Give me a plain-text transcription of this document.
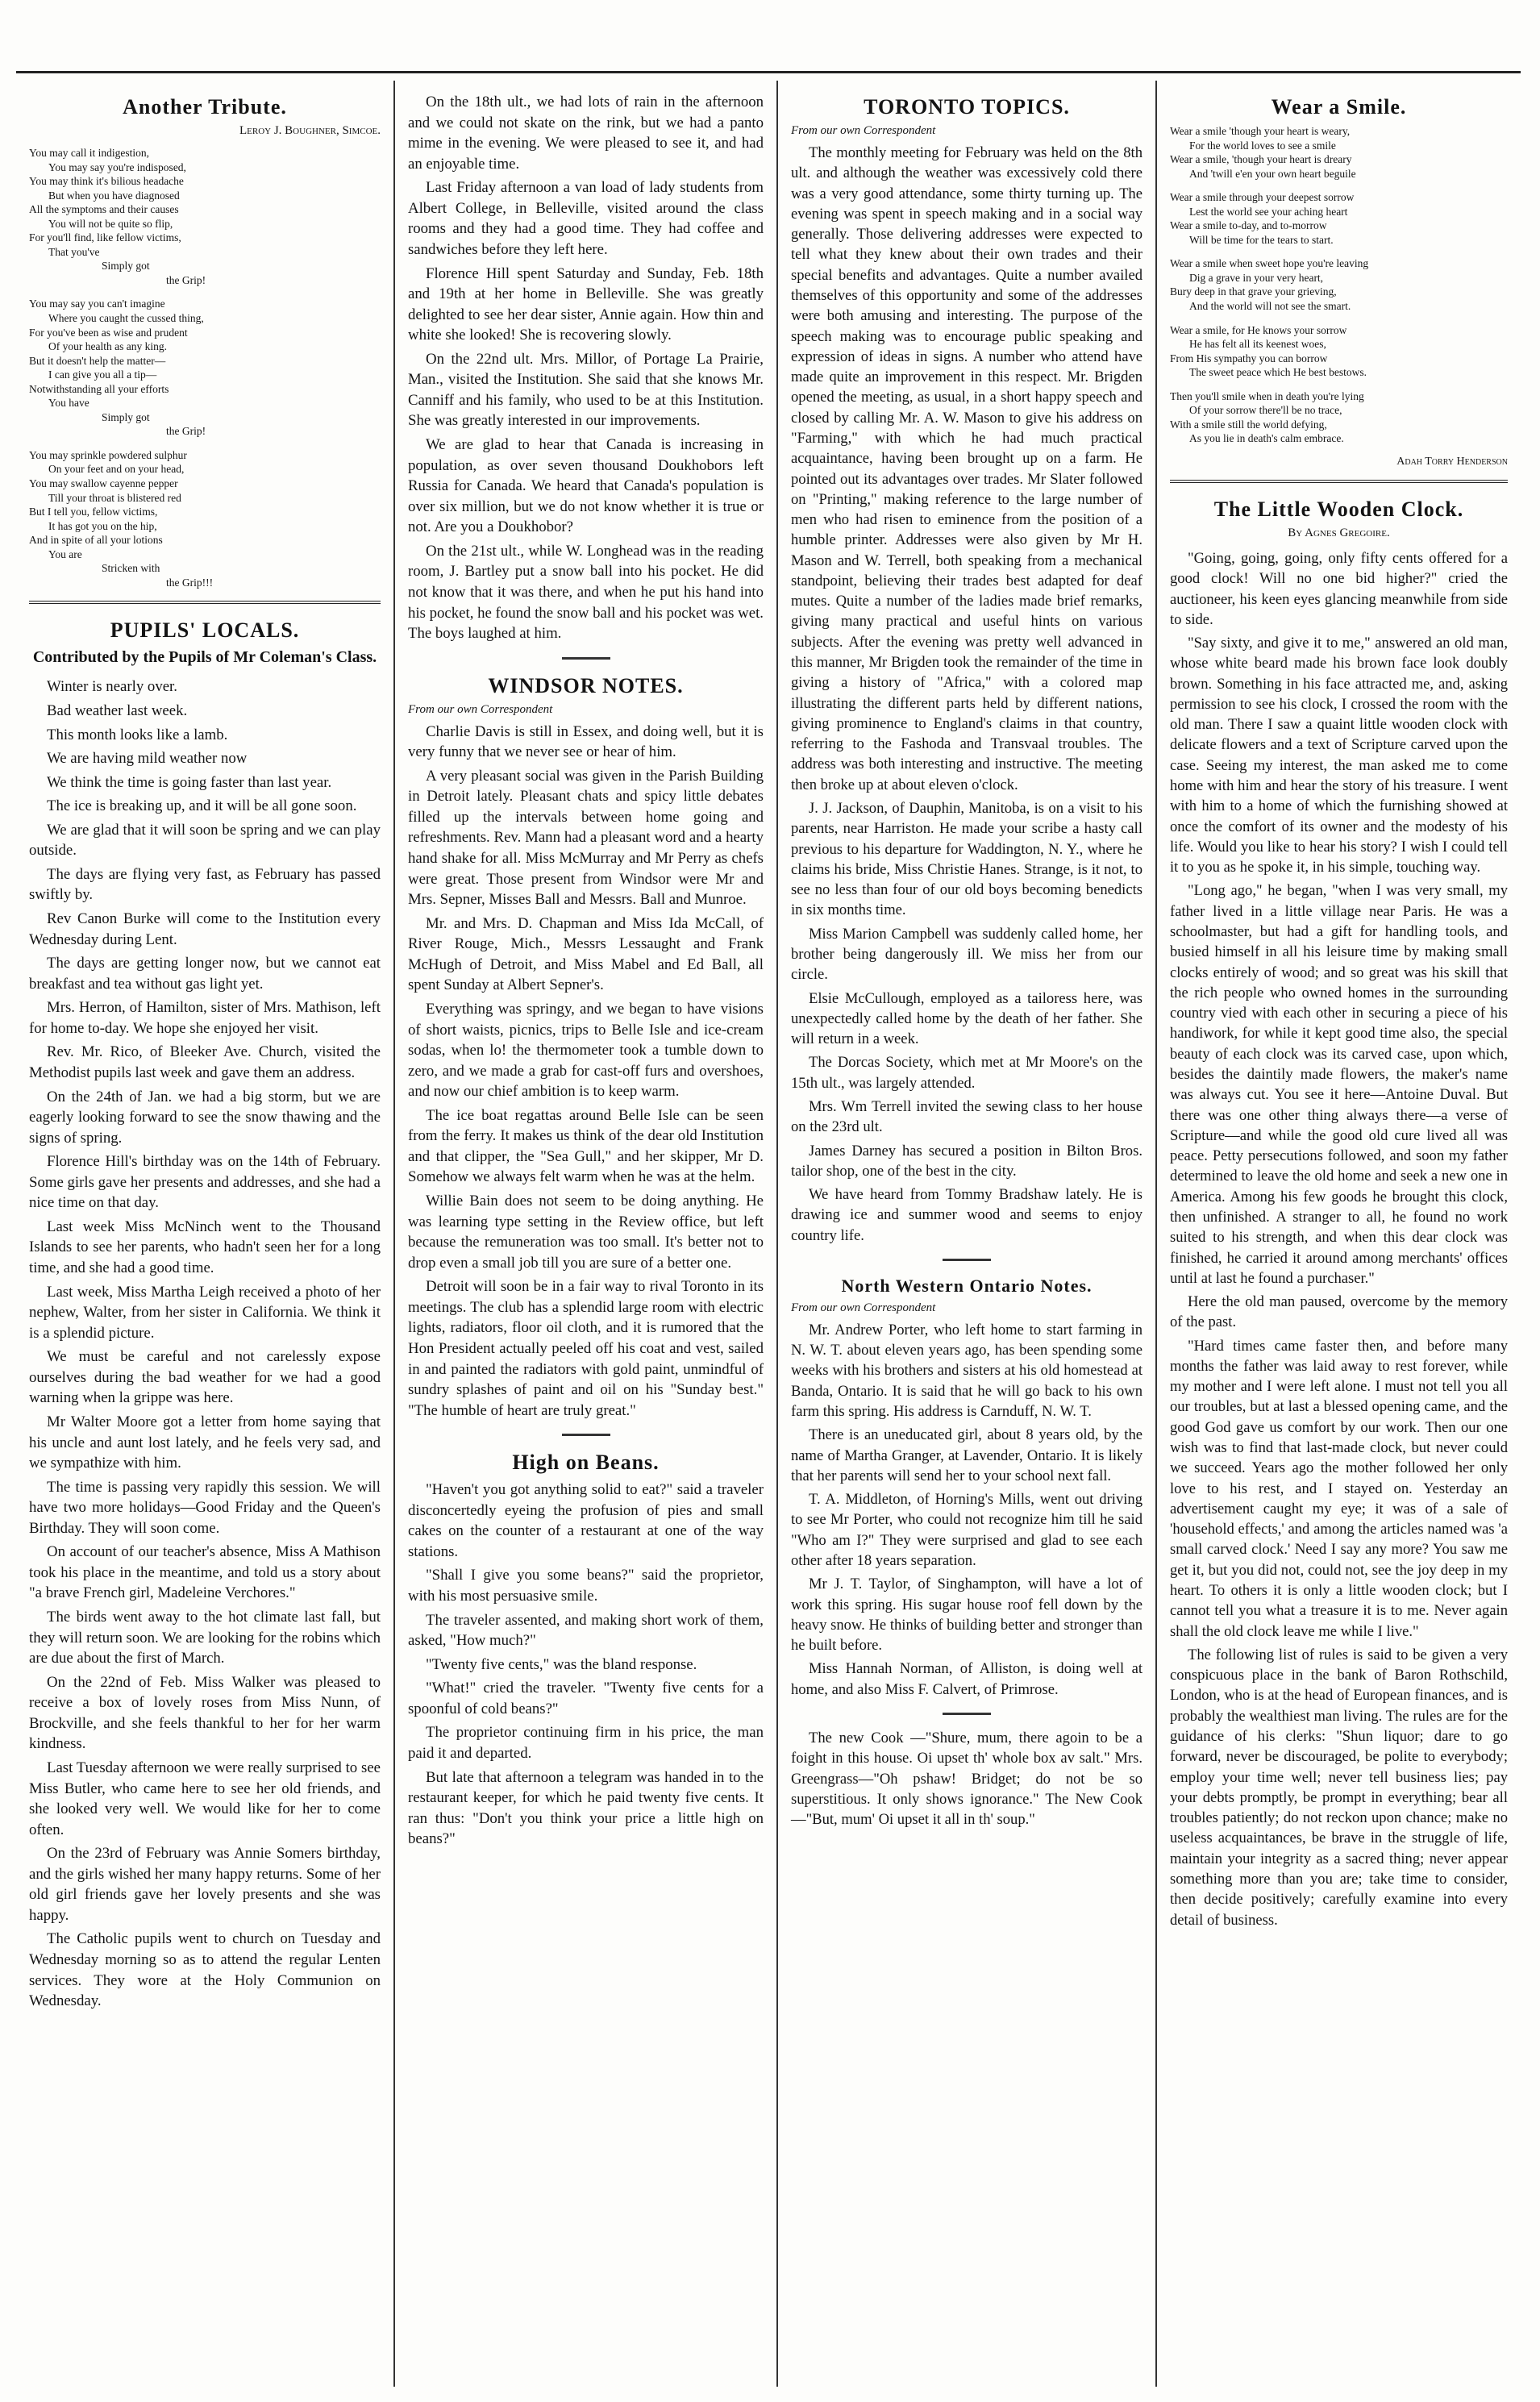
Another Tribute.
Leroy J. Boughner, Simcoe.
You may call it indigestion,
You may say you're indisposed,
You may think it's bilious headache
But when you have diagnosed
All the symptoms and their causes
You will not be quite so flip,
For you'll find, like fellow victims,
That you've
Simply got
the Grip!
You may say you can't imagine
Where you caught the cussed thing,
For you've been as wise and prudent
Of your health as any king.
But it doesn't help the matter—
I can give you all a tip—
Notwithstanding all your efforts
You have
Simply got
the Grip!
You may sprinkle powdered sulphur
On your feet and on your head,
You may swallow cayenne pepper
Till your throat is blistered red
But I tell you, fellow victims,
It has got you on the hip,
And in spite of all your lotions
You are
Stricken with
the Grip!!!
PUPILS' LOCALS.
Contributed by the Pupils of Mr Coleman's Class.

Winter is nearly over.

Bad weather last week.

This month looks like a lamb.

We are having mild weather now

We think the time is going faster than last year.

The ice is breaking up, and it will be all gone soon.

We are glad that it will soon be spring and we can play outside.

The days are flying very fast, as February has passed swiftly by.

Rev Canon Burke will come to the Institution every Wednesday during Lent.

The days are getting longer now, but we cannot eat breakfast and tea without gas light yet.

Mrs. Herron, of Hamilton, sister of Mrs. Mathison, left for home to-day. We hope she enjoyed her visit.

Rev. Mr. Rico, of Bleeker Ave. Church, visited the Methodist pupils last week and gave them an address.

On the 24th of Jan. we had a big storm, but we are eagerly looking forward to see the snow thawing and the signs of spring.

Florence Hill's birthday was on the 14th of February. Some girls gave her presents and addresses, and she had a nice time on that day.

Last week Miss McNinch went to the Thousand Islands to see her parents, who hadn't seen her for a long time, and she had a good time.

Last week, Miss Martha Leigh received a photo of her nephew, Walter, from her sister in California. We think it is a splendid picture.

We must be careful and not carelessly expose ourselves during the bad weather for we had a good warning when la grippe was here.

Mr Walter Moore got a letter from home saying that his uncle and aunt lost lately, and he feels very sad, and we sympathize with him.

The time is passing very rapidly this session. We will have two more holidays—Good Friday and the Queen's Birthday. They will soon come.

On account of our teacher's absence, Miss A Mathison took his place in the meantime, and told us a story about "a brave French girl, Madeleine Verchores."

The birds went away to the hot climate last fall, but they will return soon. We are looking for the robins which are due about the first of March.

On the 22nd of Feb. Miss Walker was pleased to receive a box of lovely roses from Miss Nunn, of Brockville, and she feels thankful to her for her warm kindness.

Last Tuesday afternoon we were really surprised to see Miss Butler, who came here to see her old friends, and she looked very well. We would like for her to come often.

On the 23rd of February was Annie Somers birthday, and the girls wished her many happy returns. Some of her old girl friends gave her lovely presents and she was happy.

The Catholic pupils went to church on Tuesday and Wednesday morning so as to attend the regular Lenten services. They wore at the Holy Communion on Wednesday.

On the 18th ult., we had lots of rain in the afternoon and we could not skate on the rink, but we had a panto mime in the evening. We were pleased to see it, and had an enjoyable time.

Last Friday afternoon a van load of lady students from Albert College, in Belleville, visited around the class rooms and they had a good time. They had coffee and sandwiches before they left here.

Florence Hill spent Saturday and Sunday, Feb. 18th and 19th at her home in Belleville. She was greatly delighted to see her dear sister, Annie again. How thin and white she looked! She is recovering slowly.

On the 22nd ult. Mrs. Millor, of Portage La Prairie, Man., visited the Institution. She said that she knows Mr. Canniff and his family, who used to be at this Institution. She was greatly interested in our improvements.

We are glad to hear that Canada is increasing in population, as over seven thousand Doukhobors left Russia for Canada. We heard that Canada's population is over six million, but we do not know whether it is true or not. Are you a Doukhobor?

On the 21st ult., while W. Longhead was in the reading room, J. Bartley put a snow ball into his pocket. He did not know that it was there, and when he put his hand into his pocket, he found the snow ball and his pocket was wet. The boys laughed at him.

WINDSOR NOTES.
From our own Correspondent

Charlie Davis is still in Essex, and doing well, but it is very funny that we never see or hear of him.

A very pleasant social was given in the Parish Building in Detroit lately. Pleasant chats and spicy little debates filled up the intervals between home going and refreshments. Rev. Mann had a pleasant word and a hearty hand shake for all. Miss McMurray and Mr Perry as chefs were great. Those present from Windsor were Mr and Mrs. Sepner, Misses Ball and Messrs. Ball and Munroe.

Mr. and Mrs. D. Chapman and Miss Ida McCall, of River Rouge, Mich., Messrs Lessaught and Frank McHugh of Detroit, and Miss Mabel and Ed Ball, all spent Sunday at Albert Sepner's.

Everything was springy, and we began to have visions of short waists, picnics, trips to Belle Isle and ice-cream sodas, when lo! the thermometer took a tumble down to zero, and we made a grab for cast-off furs and overshoes, and now our chief ambition is to keep warm.

The ice boat regattas around Belle Isle can be seen from the ferry. It makes us think of the dear old Institution and that clipper, the "Sea Gull," and her skipper, Mr D. Somehow we always felt warm when he was at the helm.

Willie Bain does not seem to be doing anything. He was learning type setting in the Review office, but left because the remuneration was too small. It's better not to drop even a small job till you are sure of a better one.

Detroit will soon be in a fair way to rival Toronto in its meetings. The club has a splendid large room with electric lights, radiators, floor oil cloth, and it is rumored that the Hon President actually peeled off his coat and vest, sailed in and painted the radiators with gold paint, unmindful of sundry splashes of paint and oil on his "Sunday best." "The humble of heart are truly great."

High on Beans.

"Haven't you got anything solid to eat?" said a traveler disconcertedly eyeing the profusion of pies and small cakes on the counter of a restaurant at one of the way stations.

"Shall I give you some beans?" said the proprietor, with his most persuasive smile.

The traveler assented, and making short work of them, asked, "How much?"

"Twenty five cents," was the bland response.

"What!" cried the traveler. "Twenty five cents for a spoonful of cold beans?"

The proprietor continuing firm in his price, the man paid it and departed.

But late that afternoon a telegram was handed in to the restaurant keeper, for which he paid twenty five cents. It ran thus: "Don't you think your price a little high on beans?"

TORONTO TOPICS.
From our own Correspondent

The monthly meeting for February was held on the 8th ult. and although the weather was excessively cold there was a very good attendance, some thirty turning up. The evening was spent in speech making and in a social way generally. Those delivering addresses were expected to tell what they knew about their own trades and their special benefits and advantages. Quite a number availed themselves of this opportunity and some of the addresses were both amusing and interesting. The purpose of the speech making was to encourage public speaking and expression of ideas in signs. A number who attend have made quite an improvement in this respect. Mr. Brigden opened the meeting, as usual, in a short happy speech and closed by calling Mr. A. W. Mason to give his address on "Farming," with which he had much practical acquaintance, having been brought up on a farm. He pointed out its advantages over trades. Mr Slater followed on "Printing," making reference to the large number of men who had risen to eminence from the position of a humble printer. Addresses were also given by Mr H. Mason and W. Terrell, both speaking from a mechanical standpoint, believing their trades best adapted for deaf mutes. Quite a number of the ladies made brief remarks, giving many practical and useful hints on various subjects. After the evening was pretty well advanced in this manner, Mr Brigden took the remainder of the time in giving a history of "Africa," with a colored map illustrating the different parts held by different nations, giving prominence to England's claims in that country, referring to the Fashoda and Transvaal troubles. The address was both interesting and instructive. The meeting then broke up at about eleven o'clock.

J. J. Jackson, of Dauphin, Manitoba, is on a visit to his parents, near Harriston. He made your scribe a hasty call previous to his departure for Waddington, N. Y., where he claims his bride, Miss Christie Hanes. Strange, is it not, to see no less than four of our old boys becoming benedicts in six months time.

Miss Marion Campbell was suddenly called home, her brother being dangerously ill. We miss her from our circle.

Elsie McCullough, employed as a tailoress here, was unexpectedly called home by the death of her father. She will return in a week.

The Dorcas Society, which met at Mr Moore's on the 15th ult., was largely attended.

Mrs. Wm Terrell invited the sewing class to her house on the 23rd ult.

James Darney has secured a position in Bilton Bros. tailor shop, one of the best in the city.

We have heard from Tommy Bradshaw lately. He is drawing ice and summer wood and seems to enjoy country life.

North Western Ontario Notes.
From our own Correspondent

Mr. Andrew Porter, who left home to start farming in N. W. T. about eleven years ago, has been spending some weeks with his brothers and sisters at his old homestead at Banda, Ontario. It is said that he will go back to his own farm this spring. His address is Carnduff, N. W. T.

There is an uneducated girl, about 8 years old, by the name of Martha Granger, at Lavender, Ontario. It is likely that her parents will send her to your school next fall.

T. A. Middleton, of Horning's Mills, went out driving to see Mr Porter, who could not recognize him till he said "Who am I?" They were surprised and glad to see each other after 18 years separation.

Mr J. T. Taylor, of Singhampton, will have a lot of work this spring. His sugar house roof fell down by the heavy snow. He thinks of building better and stronger than he built before.

Miss Hannah Norman, of Alliston, is doing well at home, and also Miss F. Calvert, of Primrose.

The new Cook —"Shure, mum, there agoin to be a foight in this house. Oi upset th' whole box av salt." Mrs. Greengrass—"Oh pshaw! Bridget; do not be so superstitious. It only shows ignorance." The New Cook—"But, mum' Oi upset it all in th' soup."

Wear a Smile.
Wear a smile 'though your heart is weary,
For the world loves to see a smile
Wear a smile, 'though your heart is dreary
And 'twill e'en your own heart beguile
Wear a smile through your deepest sorrow
Lest the world see your aching heart
Wear a smile to-day, and to-morrow
Will be time for the tears to start.
Wear a smile when sweet hope you're leaving
Dig a grave in your very heart,
Bury deep in that grave your grieving,
And the world will not see the smart.
Wear a smile, for He knows your sorrow
He has felt all its keenest woes,
From His sympathy you can borrow
The sweet peace which He best bestows.
Then you'll smile when in death you're lying
Of your sorrow there'll be no trace,
With a smile still the world defying,
As you lie in death's calm embrace.
Adah Torry Henderson
The Little Wooden Clock.
By Agnes Gregoire.

"Going, going, going, only fifty cents offered for a good clock! Will no one bid higher?" cried the auctioneer, his keen eyes glancing meanwhile from side to side.

"Say sixty, and give it to me," answered an old man, whose white beard made his brown face look doubly brown. Something in his face attracted me, and, asking permission to see his clock, I crossed the room with the old man. There I saw a quaint little wooden clock with delicate flowers and a text of Scripture carved upon the case. Seeing my interest, the man asked me to come home with him and hear the story of his treasure. I went with him to a home of which the furnishing showed at once the comfort of its owner and the modesty of his life. Would you like to hear his story? I wish I could tell it to you as he spoke it, in his simple, touching way.

"Long ago," he began, "when I was very small, my father lived in a little village near Paris. He was a schoolmaster, but had a gift for handling tools, and busied himself in all his leisure time by making small clocks entirely of wood; and so great was his skill that the rich people who owned homes in the surrounding country vied with each other in securing a piece of his handiwork, for while it kept good time also, the special beauty of each clock was its carved case, upon which, besides the daintily made flowers, the maker's name was always cut. You see it here—Antoine Duval. But there was one other thing always there—a verse of Scripture—and while the good old cure lived all was peace. Petty persecutions followed, and soon my father determined to leave the old home and seek a new one in America. Among his few goods he brought this clock, then unfinished. A stranger to all, he found no work suited to his strength, and when this dear clock was finished, he carried it around among merchants' offices until at last he found a purchaser."

Here the old man paused, overcome by the memory of the past.

"Hard times came faster then, and before many months the father was laid away to rest forever, while my mother and I were left alone. I must not tell you all our troubles, but at last a blessed opening came, and the good God gave us comfort by our work. Then our one wish was to find that last-made clock, but never could we succeed. Years ago the mother followed her only love to his rest, and I stayed on. Yesterday an advertisement caught my eye; it was of a sale of 'household effects,' and among the articles named was 'a small carved clock.' Need I say any more? You saw me get it, but you did not, could not, see the joy deep in my heart. To others it is only a little wooden clock; but I cannot tell you what a treasure it is to me. Never again shall the old clock leave me while I live."

The following list of rules is said to be given a very conspicuous place in the bank of Baron Rothschild, London, who is at the head of European finances, and is probably the wealthiest man living. The rules are for the guidance of his clerks: "Shun liquor; dare to go forward, never be discouraged, be polite to everybody; employ your time well; never tell business lies; pay your debts promptly, be prompt in everything; bear all troubles patiently; do not reckon upon chance; make no useless acquaintances, be brave in the struggle of life, maintain your integrity as a sacred thing; never appear something more than you are; take time to consider, then decide positively; carefully examine into every detail of business.
